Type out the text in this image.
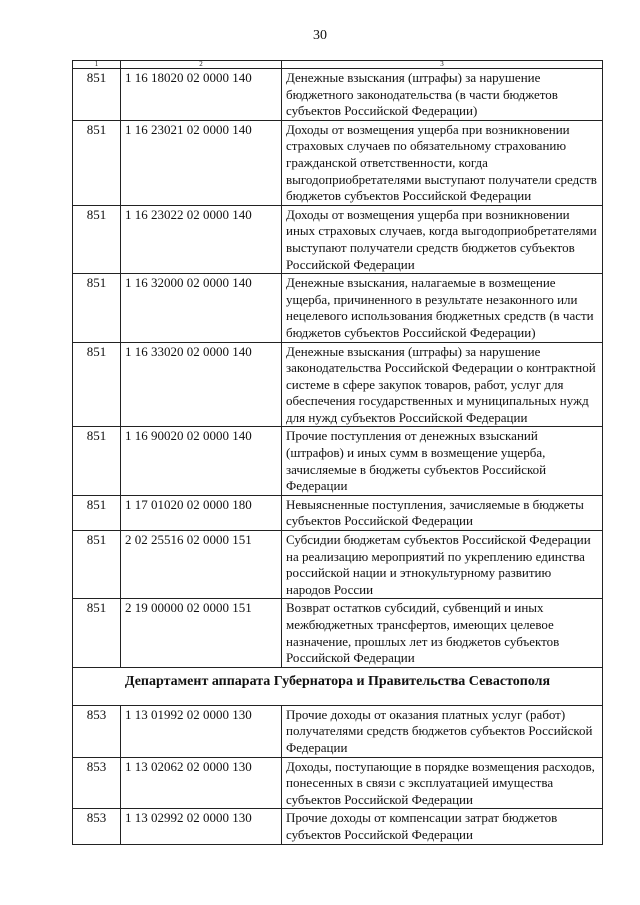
30
1	2	3
851	1 16 18020 02 0000 140	Денежные взыскания (штрафы) за нарушение бюджетного законодательства (в части бюджетов субъектов Российской Федерации)
851	1 16 23021 02 0000 140	Доходы от возмещения ущерба при возникновении страховых случаев по обязательному страхованию гражданской ответственности, когда выгодоприобретателями выступают получатели средств бюджетов субъектов Российской Федерации
851	1 16 23022 02 0000 140	Доходы от возмещения ущерба при возникновении иных страховых случаев, когда выгодоприобретателями выступают получатели средств бюджетов субъектов Российской Федерации
851	1 16 32000 02 0000 140	Денежные взыскания, налагаемые в возмещение ущерба, причиненного в результате незаконного или нецелевого использования бюджетных средств (в части бюджетов субъектов Российской Федерации)
851	1 16 33020 02 0000 140	Денежные взыскания (штрафы) за нарушение законодательства Российской Федерации о контрактной системе в сфере закупок товаров, работ, услуг для обеспечения государственных и муниципальных нужд для нужд субъектов Российской Федерации
851	1 16 90020 02 0000 140	Прочие поступления от денежных взысканий (штрафов) и иных сумм в возмещение ущерба, зачисляемые в бюджеты субъектов Российской Федерации
851	1 17 01020 02 0000 180	Невыясненные поступления, зачисляемые в бюджеты субъектов Российской Федерации
851	2 02 25516 02 0000 151	Субсидии бюджетам субъектов Российской Федерации на реализацию мероприятий по укреплению единства российской нации и этнокультурному развитию народов России
851	2 19 00000 02 0000 151	Возврат остатков субсидий, субвенций и иных межбюджетных трансфертов, имеющих целевое назначение, прошлых лет из бюджетов субъектов Российской Федерации
Департамент аппарата Губернатора и Правительства Севастополя		
853	1 13 01992 02 0000 130	Прочие доходы от оказания платных услуг (работ) получателями средств бюджетов субъектов Российской Федерации
853	1 13 02062 02 0000 130	Доходы, поступающие в порядке возмещения расходов, понесенных в связи с эксплуатацией имущества субъектов Российской Федерации
853	1 13 02992 02 0000 130	Прочие доходы от компенсации затрат бюджетов субъектов Российской Федерации
